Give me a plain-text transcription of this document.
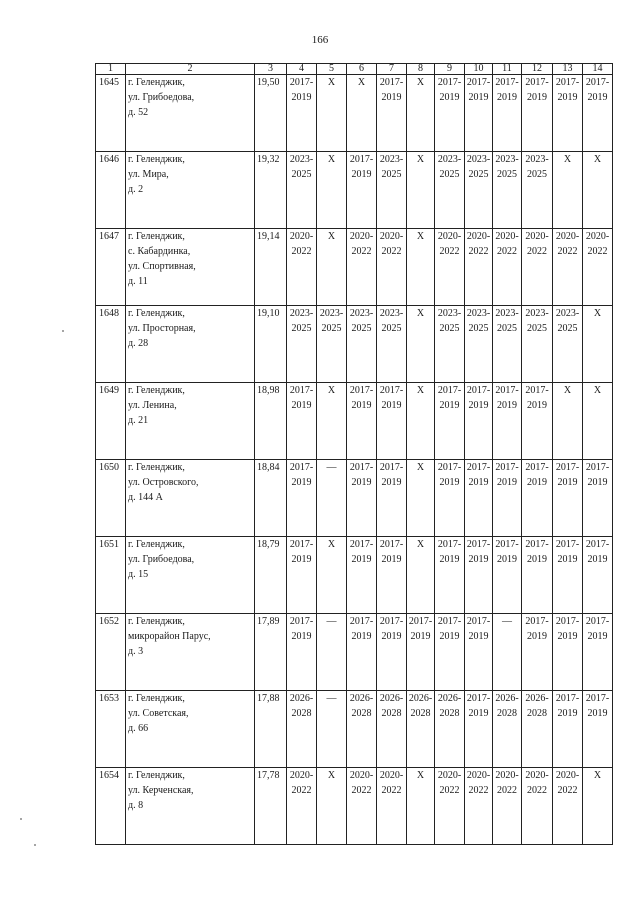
166
1	2	3	4	5	6	7	8	9	10	11	12	13	14
1645	г. Геленджик,
ул. Грибоедова,
д. 52	19,50	2017-
2019	X	X	2017-
2019	X	2017-
2019	2017-
2019	2017-
2019	2017-
2019	2017-
2019	2017-
2019

1646	г. Геленджик,
ул. Мира,
д. 2	19,32	2023-
2025	X	2017-
2019	2023-
2025	X	2023-
2025	2023-
2025	2023-
2025	2023-
2025	X	X

1647	г. Геленджик,
с. Кабардинка,
ул. Спортивная,
д. 11	19,14	2020-
2022	X	2020-
2022	2020-
2022	X	2020-
2022	2020-
2022	2020-
2022	2020-
2022	2020-
2022	2020-
2022

1648	г. Геленджик,
ул. Просторная,
д. 28	19,10	2023-
2025	2023-
2025	2023-
2025	2023-
2025	X	2023-
2025	2023-
2025	2023-
2025	2023-
2025	2023-
2025	X

1649	г. Геленджик,
ул. Ленина,
д. 21	18,98	2017-
2019	X	2017-
2019	2017-
2019	X	2017-
2019	2017-
2019	2017-
2019	2017-
2019	X	X

1650	г. Геленджик,
ул. Островского,
д. 144 А	18,84	2017-
2019	—	2017-
2019	2017-
2019	X	2017-
2019	2017-
2019	2017-
2019	2017-
2019	2017-
2019	2017-
2019

1651	г. Геленджик,
ул. Грибоедова,
д. 15	18,79	2017-
2019	X	2017-
2019	2017-
2019	X	2017-
2019	2017-
2019	2017-
2019	2017-
2019	2017-
2019	2017-
2019

1652	г. Геленджик,
микрорайон Парус,
д. 3	17,89	2017-
2019	—	2017-
2019	2017-
2019	2017-
2019	2017-
2019	2017-
2019	—	2017-
2019	2017-
2019	2017-
2019

1653	г. Геленджик,
ул. Советская,
д. 66	17,88	2026-
2028	—	2026-
2028	2026-
2028	2026-
2028	2026-
2028	2017-
2019	2026-
2028	2026-
2028	2017-
2019	2017-
2019

1654	г. Геленджик,
ул. Керченская,
д. 8	17,78	2020-
2022	X	2020-
2022	2020-
2022	X	2020-
2022	2020-
2022	2020-
2022	2020-
2022	2020-
2022	X
